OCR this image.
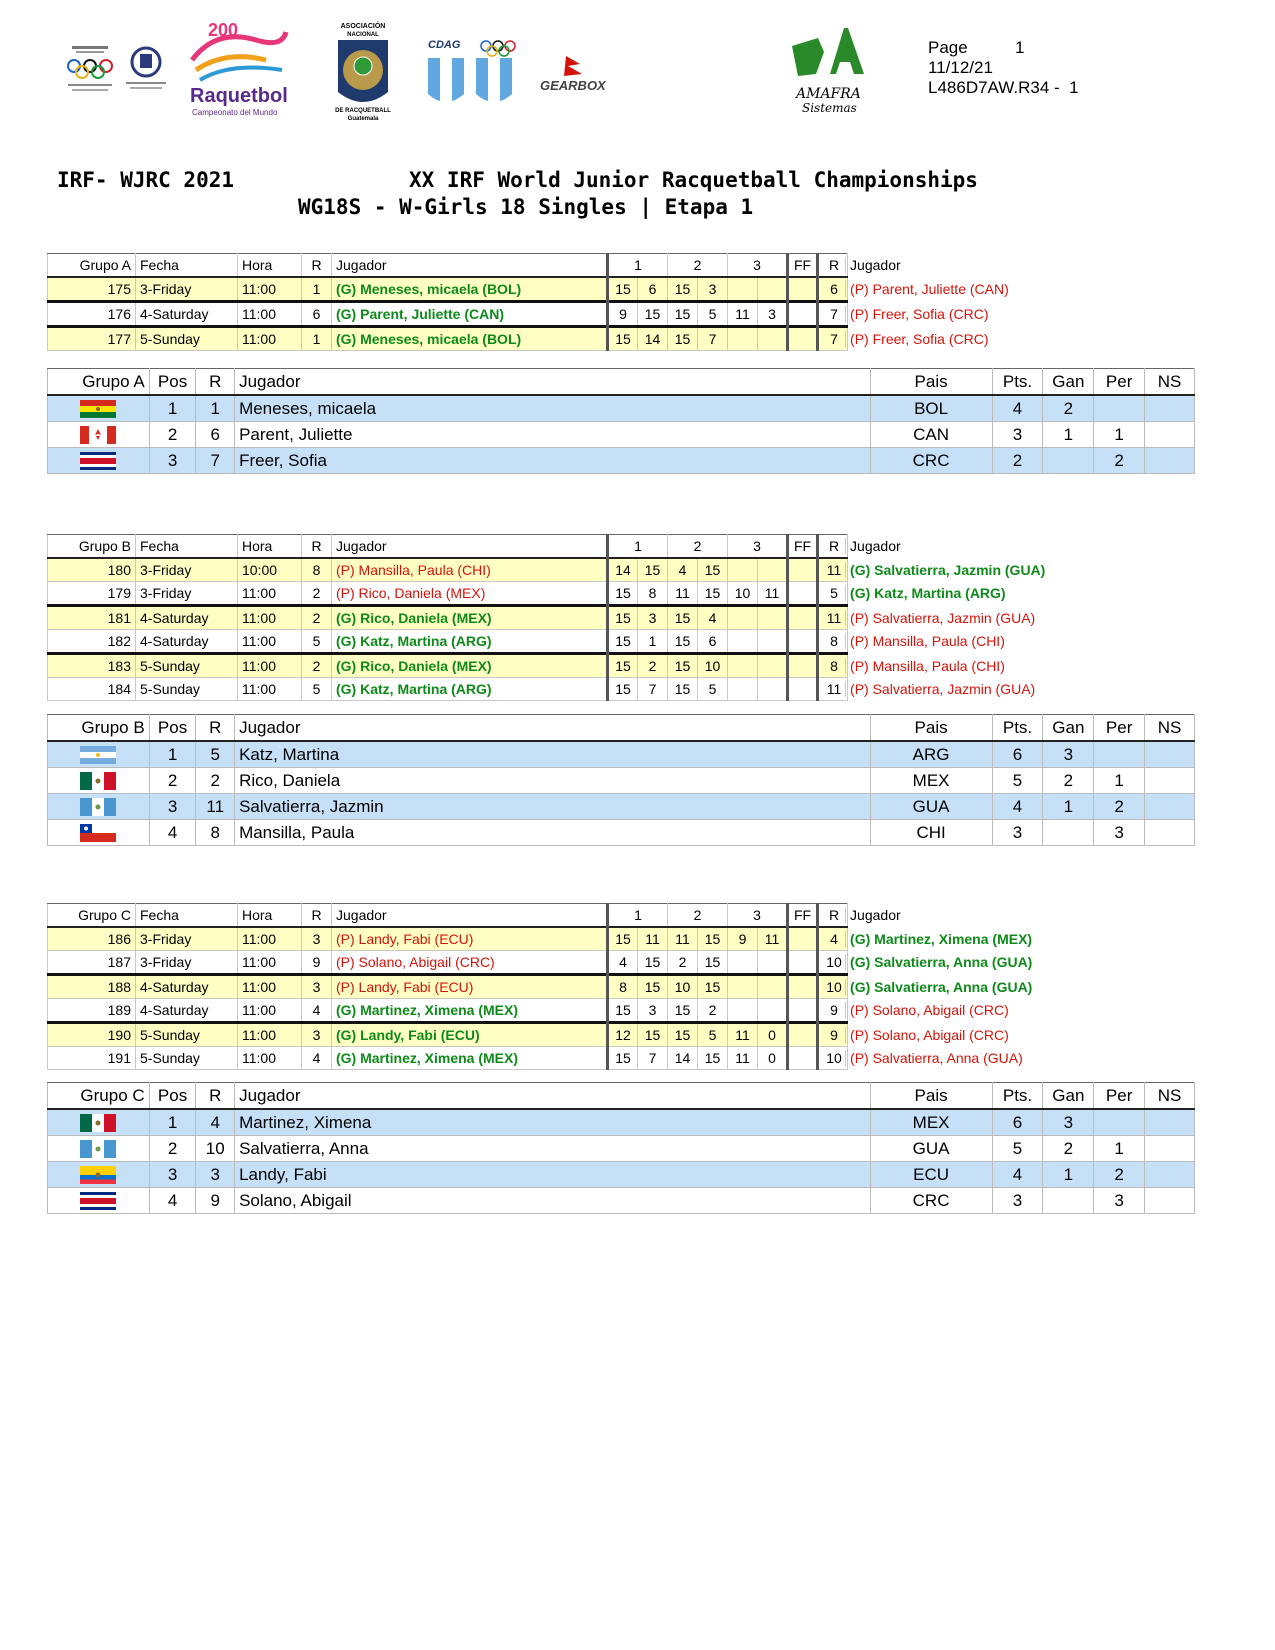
200
Raquetbol
Campeonato del Mundo
ASOCIACIÓN
NACIONAL
DE RACQUETBALL
Guatemala
CDAG
GEARBOX
AMAFRA
Sistemas
Page	1
11/12/21
L486D7AW.R34 -  1
IRF- WJRC 2021	XX IRF World Junior Racquetball Championships
WG18S - W-Girls 18 Singles | Etapa 1
Grupo A	Fecha	Hora	R	Jugador	1		2		3		FF	R Jugador
175	3-Friday	11:00	1	(G) Meneses, micaela (BOL)	15	6	15	3				6 (P) Parent, Juliette (CAN)
176	4-Saturday	11:00	6	(G) Parent, Juliette (CAN)	9	15	15	5	11	3		7 (P) Freer, Sofia (CRC)
177	5-Sunday	11:00	1	(G) Meneses, micaela (BOL)	15	14	15	7				7 (P) Freer, Sofia (CRC)
Grupo A	Pos	R	Jugador	Pais	Pts.	Gan	Per	NS

	1	1	Meneses, micaela	BOL	4	2		

	2	6	Parent, Juliette	CAN	3	1	1	

	3	7	Freer, Sofia	CRC	2		2	
Grupo B	Fecha	Hora	R	Jugador	1		2		3		FF	R Jugador
180	3-Friday	10:00	8	(P) Mansilla, Paula (CHI)	14	15	4	15				11 (G) Salvatierra, Jazmin (GUA)
179	3-Friday	11:00	2	(P) Rico, Daniela (MEX)	15	8	11	15	10	11		5 (G) Katz, Martina (ARG)
181	4-Saturday	11:00	2	(G) Rico, Daniela (MEX)	15	3	15	4				11 (P) Salvatierra, Jazmin (GUA)
182	4-Saturday	11:00	5	(G) Katz, Martina (ARG)	15	1	15	6				8 (P) Mansilla, Paula (CHI)
183	5-Sunday	11:00	2	(G) Rico, Daniela (MEX)	15	2	15	10				8 (P) Mansilla, Paula (CHI)
184	5-Sunday	11:00	5	(G) Katz, Martina (ARG)	15	7	15	5				11 (P) Salvatierra, Jazmin (GUA)
Grupo B	Pos	R	Jugador	Pais	Pts.	Gan	Per	NS

	1	5	Katz, Martina	ARG	6	3		

	2	2	Rico, Daniela	MEX	5	2	1	

	3	11	Salvatierra, Jazmin	GUA	4	1	2	

	4	8	Mansilla, Paula	CHI	3		3	
Grupo C	Fecha	Hora	R	Jugador	1		2		3		FF	R Jugador
186	3-Friday	11:00	3	(P) Landy, Fabi (ECU)	15	11	11	15	9	11		4 (G) Martinez, Ximena (MEX)
187	3-Friday	11:00	9	(P) Solano, Abigail (CRC)	4	15	2	15				10 (G) Salvatierra, Anna (GUA)
188	4-Saturday	11:00	3	(P) Landy, Fabi (ECU)	8	15	10	15				10 (G) Salvatierra, Anna (GUA)
189	4-Saturday	11:00	4	(G) Martinez, Ximena (MEX)	15	3	15	2				9 (P) Solano, Abigail (CRC)
190	5-Sunday	11:00	3	(G) Landy, Fabi (ECU)	12	15	15	5	11	0		9 (P) Solano, Abigail (CRC)
191	5-Sunday	11:00	4	(G) Martinez, Ximena (MEX)	15	7	14	15	11	0		10 (P) Salvatierra, Anna (GUA)
Grupo C	Pos	R	Jugador	Pais	Pts.	Gan	Per	NS

	1	4	Martinez, Ximena	MEX	6	3		

	2	10	Salvatierra, Anna	GUA	5	2	1	

	3	3	Landy, Fabi	ECU	4	1	2	

	4	9	Solano, Abigail	CRC	3		3	
